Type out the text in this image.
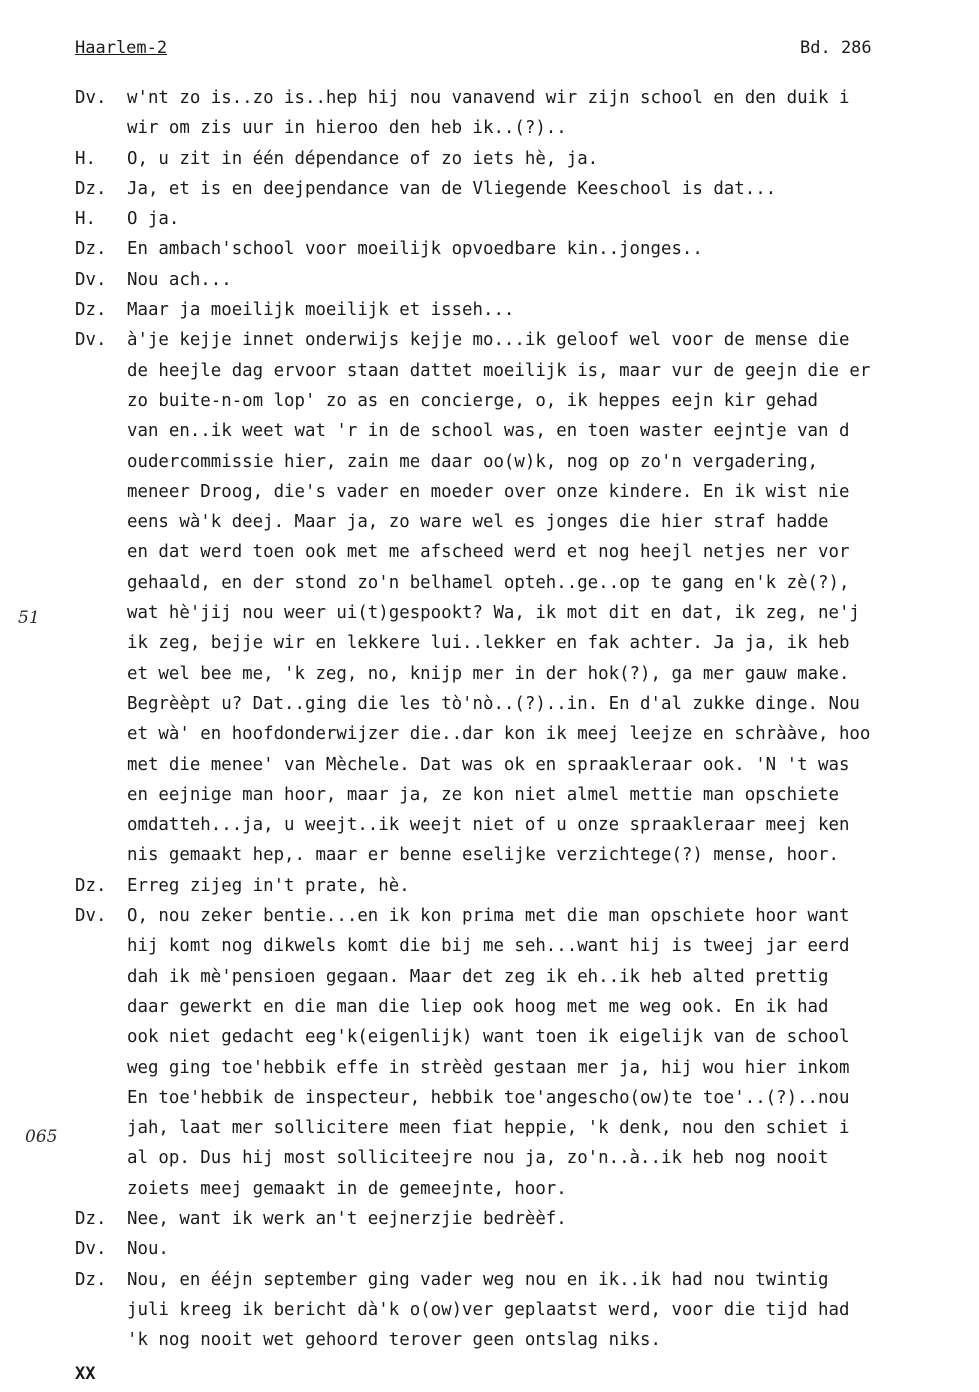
Haarlem-2	Bd. 286
51
065
Dv. w'nt zo is..zo is..hep hij nou vanavend wir zijn school en den duik i
wir om zis uur in hieroo den heb ik..(?)..
H. O, u zit in één dépendance of zo iets hè, ja.
Dz. Ja, et is en deejpendance van de Vliegende Keeschool is dat...
H. O ja.
Dz. En ambach'school voor moeilijk opvoedbare kin..jonges..
Dv. Nou ach...
Dz. Maar ja moeilijk moeilijk et isseh...
Dv. à'je kejje innet onderwijs kejje mo...ik geloof wel voor de mense die
de heejle dag ervoor staan dattet moeilijk is, maar vur de geejn die er
zo buite-n-om lop' zo as en concierge, o, ik heppes eejn kir gehad
van en..ik weet wat 'r in de school was, en toen waster eejntje van d
oudercommissie hier, zain me daar oo(w)k, nog op zo'n vergadering,
meneer Droog, die's vader en moeder over onze kindere. En ik wist nie
eens wà'k deej. Maar ja, zo ware wel es jonges die hier straf hadde
en dat werd toen ook met me afscheed werd et nog heejl netjes ner vor
gehaald, en der stond zo'n belhamel opteh..ge..op te gang en'k zè(?),
wat hè'jij nou weer ui(t)gespookt? Wa, ik mot dit en dat, ik zeg, ne'j
ik zeg, bejje wir en lekkere lui..lekker en fak achter. Ja ja, ik heb
et wel bee me, 'k zeg, no, knijp mer in der hok(?), ga mer gauw make.
Begrèèpt u? Dat..ging die les tò'nò..(?)..in. En d'al zukke dinge. Nou
et wà' en hoofdonderwijzer die..dar kon ik meej leejze en schrààve, hoo
met die menee' van Mèchele. Dat was ok en spraakleraar ook. 'N 't was
en eejnige man hoor, maar ja, ze kon niet almel mettie man opschiete
omdatteh...ja, u weejt..ik weejt niet of u onze spraakleraar meej ken
nis gemaakt hep,. maar er benne eselijke verzichtege(?) mense, hoor.
Dz. Erreg zijeg in't prate, hè.
Dv. O, nou zeker bentie...en ik kon prima met die man opschiete hoor want
hij komt nog dikwels komt die bij me seh...want hij is tweej jar eerd
dah ik mè'pensioen gegaan. Maar det zeg ik eh..ik heb alted prettig
daar gewerkt en die man die liep ook hoog met me weg ook. En ik had
ook niet gedacht eeg'k(eigenlijk) want toen ik eigelijk van de school
weg ging toe'hebbik effe in strèèd gestaan mer ja, hij wou hier inkom
En toe'hebbik de inspecteur, hebbik toe'angescho(ow)te toe'..(?)..nou
jah, laat mer sollicitere meen fiat heppie, 'k denk, nou den schiet i
al op. Dus hij most solliciteejre nou ja, zo'n..à..ik heb nog nooit
zoiets meej gemaakt in de gemeejnte, hoor.
Dz. Nee, want ik werk an't eejnerzjie bedrèèf.
Dv. Nou.
Dz. Nou, en ééjn september ging vader weg nou en ik..ik had nou twintig
juli kreeg ik bericht dà'k o(ow)ver geplaatst werd, voor die tijd had
'k nog nooit wet gehoord terover geen ontslag niks.
XX
